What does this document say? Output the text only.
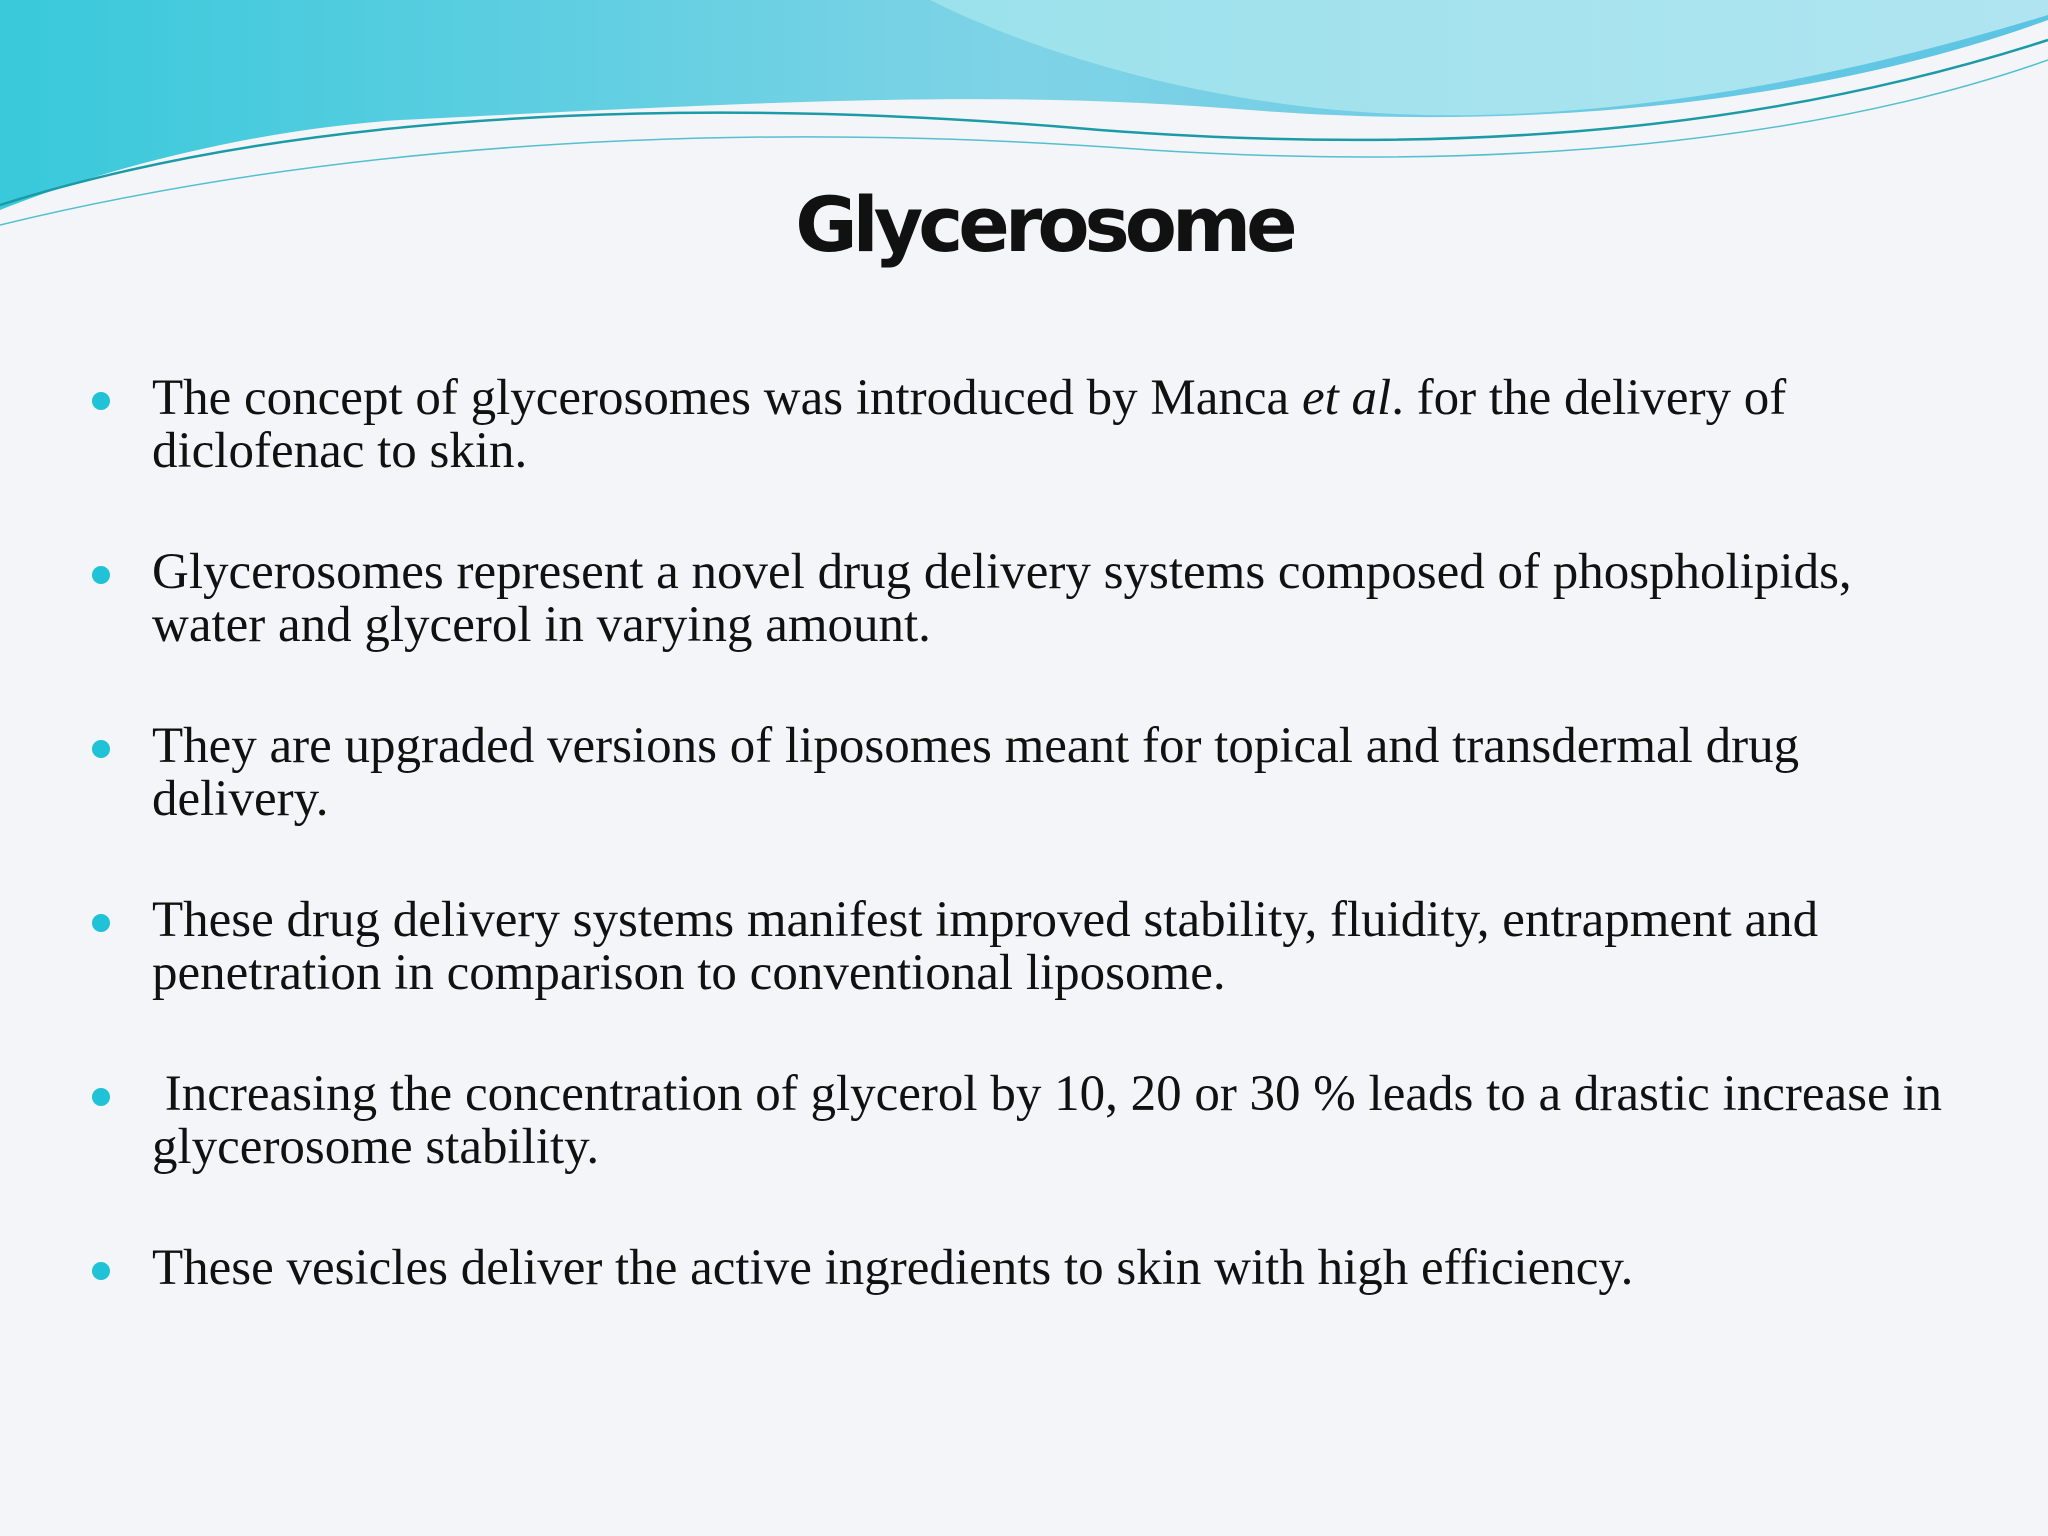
Glycerosome
The concept of glycerosomes was introduced by Manca et al. for the delivery of diclofenac to skin.
Glycerosomes represent a novel drug delivery systems composed of phospholipids, water and glycerol in varying amount.
They are upgraded versions of liposomes meant for topical and transdermal drug delivery.
These drug delivery systems manifest improved stability, fluidity, entrapment and penetration in comparison to conventional liposome.
Increasing the concentration of glycerol by 10, 20 or 30 % leads to a drastic increase in glycerosome stability.
These vesicles deliver the active ingredients to skin with high efficiency.
